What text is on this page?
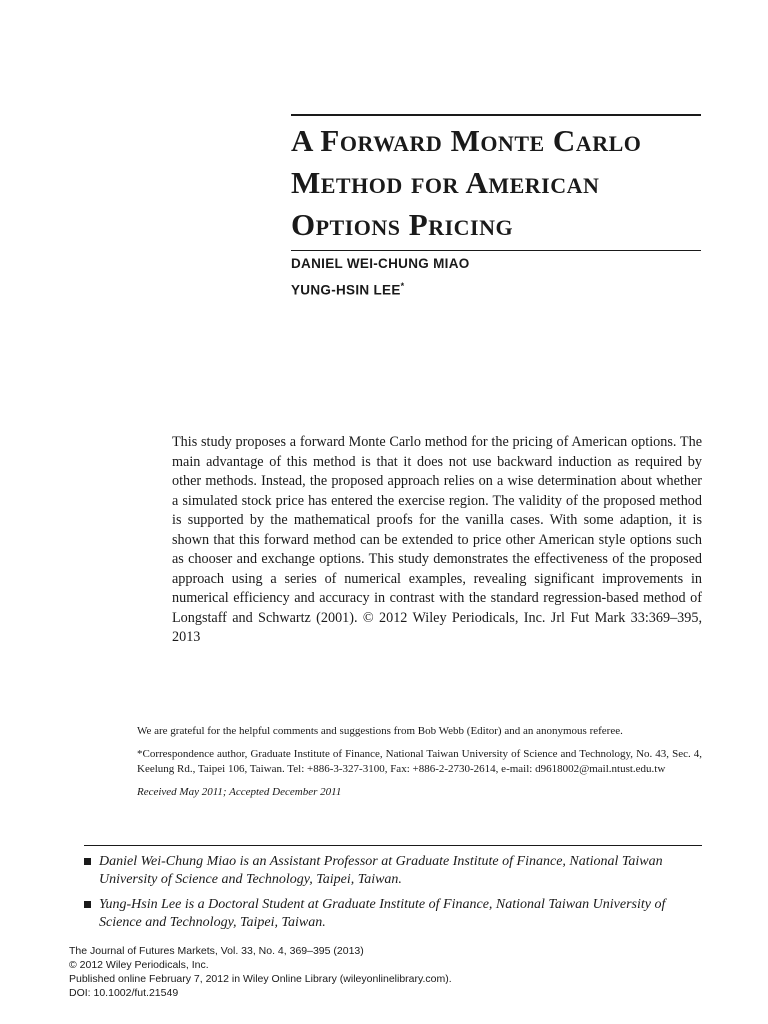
A Forward Monte Carlo
Method for American
Options Pricing
DANIEL WEI-CHUNG MIAO
YUNG-HSIN LEE*
This study proposes a forward Monte Carlo method for the pricing of American options. The main advantage of this method is that it does not use backward induction as required by other methods. Instead, the proposed approach relies on a wise determination about whether a simulated stock price has entered the exercise region. The validity of the proposed method is supported by the mathematical proofs for the vanilla cases. With some adaption, it is shown that this forward method can be extended to price other American style options such as chooser and exchange options. This study demonstrates the effectiveness of the proposed approach using a series of numerical examples, revealing significant improvements in numerical efficiency and accuracy in contrast with the standard regression-based method of Longstaff and Schwartz (2001). © 2012 Wiley Periodicals, Inc. Jrl Fut Mark 33:369–395, 2013

We are grateful for the helpful comments and suggestions from Bob Webb (Editor) and an anonymous referee.

*Correspondence author, Graduate Institute of Finance, National Taiwan University of Science and Technology, No. 43, Sec. 4, Keelung Rd., Taipei 106, Taiwan. Tel: +886-3-327-3100, Fax: +886-2-2730-2614, e-mail: d9618002@mail.ntust.edu.tw

Received May 2011; Accepted December 2011

Daniel Wei-Chung Miao is an Assistant Professor at Graduate Institute of Finance, National Taiwan University of Science and Technology, Taipei, Taiwan.
Yung-Hsin Lee is a Doctoral Student at Graduate Institute of Finance, National Taiwan University of Science and Technology, Taipei, Taiwan.
The Journal of Futures Markets, Vol. 33, No. 4, 369–395 (2013)
© 2012 Wiley Periodicals, Inc.
Published online February 7, 2012 in Wiley Online Library (wileyonlinelibrary.com).
DOI: 10.1002/fut.21549
